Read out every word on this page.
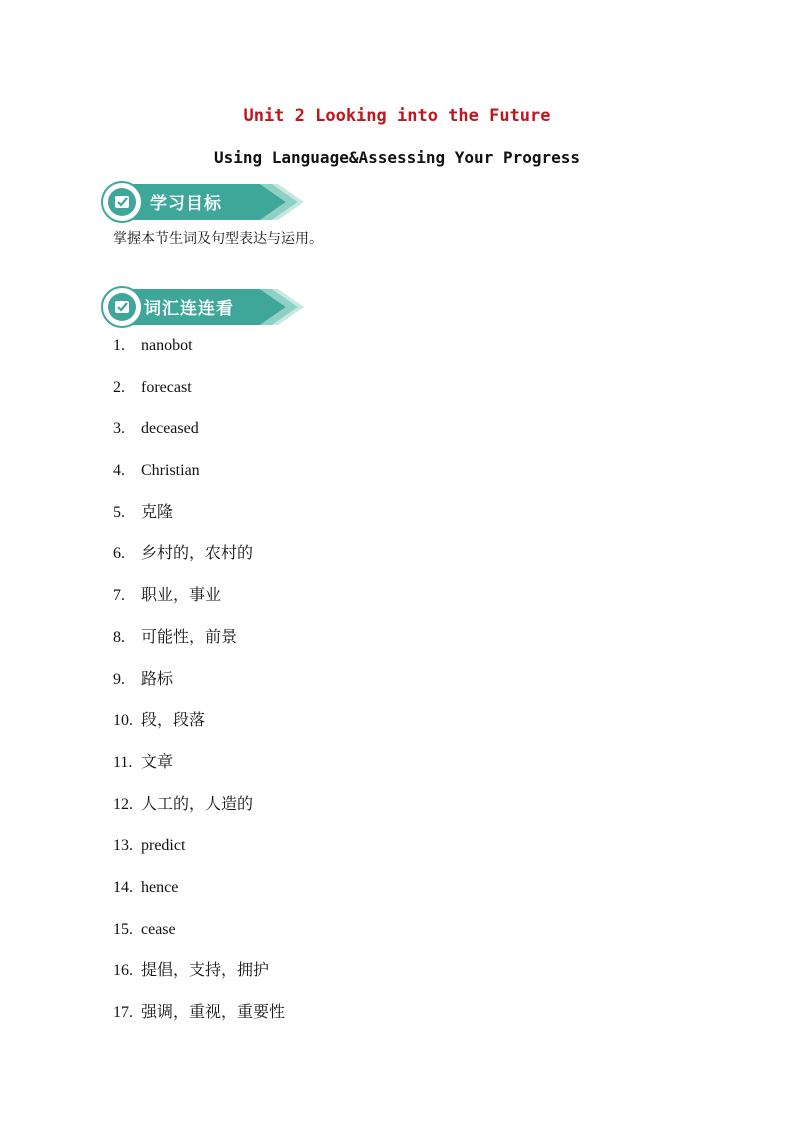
Unit 2 Looking into the Future
Using Language&Assessing Your Progress
学习目标
掌握本节生词及句型表达与运用。
词汇连连看
1.	nanobot
2.	forecast
3.	deceased
4.	Christian
5.	克隆
6.	乡村的，农村的
7.	职业，事业
8.	可能性，前景
9.	路标
10. 段，段落
11. 文章
12. 人工的，人造的
13. predict
14. hence
15. cease
16. 提倡，支持，拥护
17. 强调，重视，重要性
